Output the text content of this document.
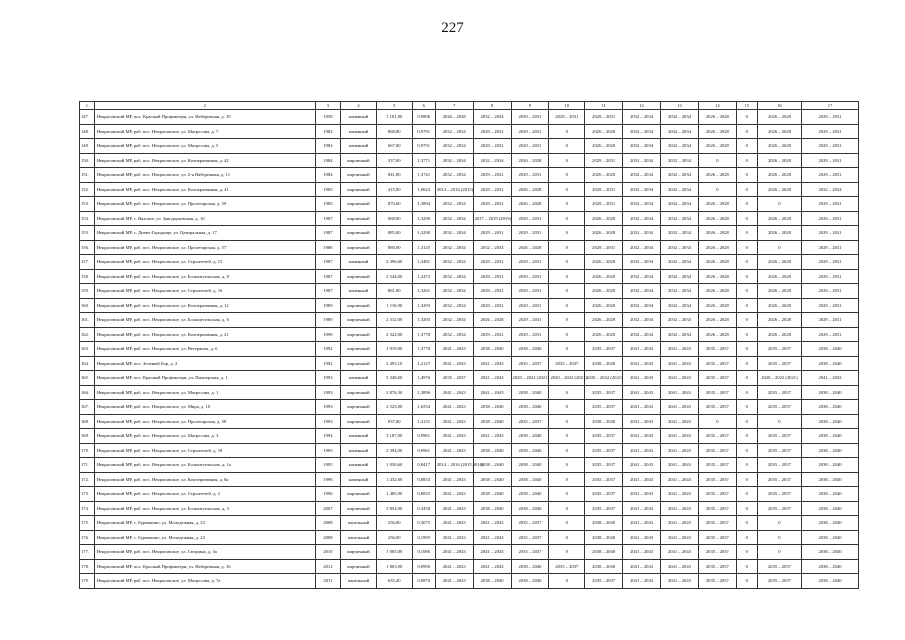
227
1	2	3	4	5	6	7	8	9	10	11	12	13	14	15	16	17
147.	Некрасовский МР, пос. Красный Профинтерн, ул. Набережная, д. 10	1958	каменный	1 181,80	0,9806	2026 – 2028	2032 – 2034	2029 – 2031	2029 – 2031	2029 – 2031	2032 – 2034	2032 – 2034	2026 – 2028	0	2026 – 2028	2029 – 2031
148.	Некрасовский МР, раб. пос. Некрасовское, ул. Матросова, д. 7	1984	каменный	868,80	0,9791	2032 – 2034	2029 – 2031	2029 – 2031	0	2026 – 2028	2032 – 2034	2032 – 2034	2026 – 2028	0	2026 – 2028	2029 – 2031
149.	Некрасовский МР, раб. пос. Некрасовское, ул. Матросова, д. 5	1984	каменный	667,00	0,9791	2032 – 2034	2029 – 2031	2029 – 2031	0	2026 – 2028	2032 – 2034	2032 – 2034	2026 – 2028	0	2026 – 2028	2029 – 2031
150.	Некрасовский МР, раб. пос. Некрасовское, ул. Кооперативная, д. 42	1984	кирпичный	337,00	1,3771	2032 – 2034	2032 – 2034	2026 – 2028	0	2029 – 2031	2032 – 2034	2032 – 2034	0	0	2026 – 2028	2029 – 2031
151.	Некрасовский МР, раб. пос. Некрасовское, ул. 2-я Набережная, д. 11	1984	кирпичный	841,80	1,3741	2032 – 2034	2029 – 2031	2029 – 2031	0	2026 – 2028	2032 – 2034	2032 – 2034	2026 – 2028	0	2026 – 2028	2029 – 2031
152.	Некрасовский МР, раб. пос. Некрасовское, ул. Кооперативная, д. 41	1985	кирпичный	415,00	1,0623	2014 – 2016 (2015)	2029 – 2031	2026 – 2028	0	2029 – 2031	2032 – 2034	2032 – 2034	0	0	2026 – 2028	2032 – 2034
153.	Некрасовский МР, раб. пос. Некрасовское, ул. Пролетарская, д. 59	1985	кирпичный	870,60	1,3894	2032 – 2034	2029 – 2031	2026 – 2028	0	2029 – 2031	2032 – 2034	2032 – 2034	2026 – 2028	0	0	2029 – 2031
154.	Некрасовский МР, с. Вятское, ул. Заводоуковская, д. 10	1987	кирпичный	968,00	1,3290	2032 – 2034	2017 – 2019 (2019)	2029 – 2031	0	2026 – 2028	2032 – 2034	2032 – 2034	2026 – 2028	0	2026 – 2028	2029 – 2031
155.	Некрасовский МР, с. Диево-Городище, ул. Центральная, д. 17	1987	кирпичный	885,00	1,3290	2032 – 2034	2029 – 2031	2029 – 2031	0	2026 – 2028	2032 – 2034	2032 – 2034	2026 – 2028	0	2026 – 2028	2029 – 2031
156.	Некрасовский МР, раб. пос. Некрасовское, ул. Пролетарская, д. 57	1986	кирпичный	889,00	1,3125	2032 – 2034	2032 – 2034	2026 – 2028	0	2029 – 2031	2032 – 2034	2032 – 2034	2026 – 2028	0	0	2029 – 2031
157.	Некрасовский МР, раб. пос. Некрасовское, ул. Строителей, д. 15	1987	каменный	2 396,60	1,3481	2032 – 2034	2029 – 2031	2029 – 2031	0	2026 – 2028	2032 – 2034	2032 – 2034	2026 – 2028	0	2026 – 2028	2029 – 2031
158.	Некрасовский МР, раб. пос. Некрасовское, ул. Большесельская, д. 8	1987	кирпичный	2 544,00	1,2472	2032 – 2034	2029 – 2031	2029 – 2031	0	2026 – 2028	2032 – 2034	2032 – 2034	2026 – 2028	0	2026 – 2028	2029 – 2031
159.	Некрасовский МР, раб. пос. Некрасовское, ул. Строителей, д. 16	1987	каменный	861,00	1,3261	2032 – 2034	2029 – 2031	2029 – 2031	0	2026 – 2028	2032 – 2034	2032 – 2034	2026 – 2028	0	2026 – 2028	2029 – 2031
160.	Некрасовский МР, раб. пос. Некрасовское, ул. Кооперативная, д. 12	1989	кирпичный	1 116,90	1,3293	2032 – 2034	2029 – 2031	2029 – 2031	0	2026 – 2028	2032 – 2034	2032 – 2034	2026 – 2028	0	2026 – 2028	2029 – 2031
161.	Некрасовский МР, раб. пос. Некрасовское, ул. Большесельская, д. 6	1989	кирпичный	2 312,00	1,3293	2032 – 2034	2026 – 2028	2029 – 2031	0	2026 – 2028	2032 – 2034	2032 – 2034	2026 – 2028	0	2026 – 2028	2029 – 2031
162.	Некрасовский МР, раб. пос. Некрасовское, ул. Кооперативная, д. 21	1990	кирпичный	2 322,00	1,3778	2032 – 2034	2029 – 2031	2029 – 2031	0	2026 – 2028	2032 – 2034	2032 – 2034	2026 – 2028	0	2026 – 2028	2029 – 2031
163.	Некрасовский МР, раб. пос. Некрасовское, ул. Ветеранов, д. 6	1992	кирпичный	1 919,00	1,3778	2041 – 2043	2038 – 2040	2038 – 2040	0	2035 – 2037	2041 – 2043	2041 – 2043	2035 – 2037	0	2035 – 2037	2038 – 2040
164.	Некрасовский МР, пос. Зеленый Бор, д. 2	1992	кирпичный	2 493,10	1,2127	2041 – 2043	2041 – 2043	2035 – 2037	2035 – 2037	2038 – 2040	2041 – 2043	2041 – 2043	2035 – 2037	0	2035 – 2037	2038 – 2040
165.	Некрасовский МР, пос. Красный Профинтерн, ул. Пионерская, д. 1	1993	каменный	5 348,00	1,4976	2035 – 2037	2041 – 2043	2020 – 2022 (2021)	2020 – 2022 (2021)	2020 – 2022 (2021)	2041 – 2043	2041 – 2043	2035 – 2037	0	2020 – 2022 (2021)	2041 – 2043
166.	Некрасовский МР, раб. пос. Некрасовское, ул. Матросова, д. 1	1993	кирпичный	2 876,30	1,3896	2041 – 2043	2041 – 2043	2038 – 2040	0	2035 – 2037	2041 – 2043	2041 – 2043	2035 – 2037	0	2035 – 2037	2038 – 2040
167.	Некрасовский МР, раб. пос. Некрасовское, ул. Мира, д. 10	1993	кирпичный	2 523,00	1,6554	2041 – 2043	2038 – 2040	2038 – 2040	0	2035 – 2037	2041 – 2043	2041 – 2043	2035 – 2037	0	2035 – 2037	2038 – 2040
168.	Некрасовский МР, раб. пос. Некрасовское, ул. Пролетарская, д. 58	1993	кирпичный	837,00	1,4131	2041 – 2043	2038 – 2040	2035 – 2037	0	2038 – 2040	2041 – 2043	2041 – 2043	0	0	0	2038 – 2040
169.	Некрасовский МР, раб. пос. Некрасовское, ул. Матросова, д. 3	1994	каменный	3 187,00	0,9961	2041 – 2043	2041 – 2043	2038 – 2040	0	2035 – 2037	2041 – 2043	2041 – 2043	2035 – 2037	0	2035 – 2037	2038 – 2040
170.	Некрасовский МР, раб. пос. Некрасовское, ул. Строителей, д. 18	1995	каменный	2 394,00	0,9961	2041 – 2043	2038 – 2040	2038 – 2040	0	2035 – 2037	2041 – 2043	2041 – 2043	2035 – 2037	0	2035 – 2037	2038 – 2040
171.	Некрасовский МР, раб. пос. Некрасовское, ул. Большесельская, д. 1а	1995	каменный	1 930,60	0,8417	2014 – 2016 (2015,2016)	2038 – 2040	2038 – 2040	0	2035 – 2037	2041 – 2043	2041 – 2043	2035 – 2037	0	2035 – 2037	2038 – 2040
172.	Некрасовский МР, раб. пос. Некрасовское, ул. Кооперативная, д. 8а	1996	каменный	1 432,60	0,8833	2041 – 2043	2038 – 2040	2038 – 2040	0	2035 – 2037	2041 – 2043	2041 – 2043	2035 – 2037	0	2035 – 2037	2038 – 2040
173.	Некрасовский МР, раб. пос. Некрасовское, ул. Строителей, д. 2	1996	кирпичный	1 485,90	0,8833	2041 – 2043	2038 – 2040	2038 – 2040	0	2035 – 2037	2041 – 2043	2041 – 2043	2035 – 2037	0	2035 – 2037	2038 – 2040
174.	Некрасовский МР, раб. пос. Некрасовское, ул. Большесельская, д. 3	2007	кирпичный	3 854,00	0,3458	2041 – 2043	2038 – 2040	2038 – 2040	0	2035 – 2037	2041 – 2043	2041 – 2043	2035 – 2037	0	2035 – 2037	2038 – 2040
175.	Некрасовский МР, с. Бурмакино, ул. Молодежная, д. 23	2008	панельный	256,00	0,3075	2041 – 2043	2041 – 2043	2035 – 2037	0	2038 – 2040	2041 – 2043	2041 – 2043	2035 – 2037	0	0	2038 – 2040
176.	Некрасовский МР, с. Бурмакино, ул. Молодежная, д. 22	2008	панельный	256,00	0,1895	2041 – 2043	2041 – 2043	2035 – 2037	0	2038 – 2040	2041 – 2043	2041 – 2043	2035 – 2037	0	0	2038 – 2040
177.	Некрасовский МР, раб. пос. Некрасовское, ул. Гагарина, д. 3а	2010	кирпичный	1 083,00	0,1086	2041 – 2043	2041 – 2043	2035 – 2037	0	2038 – 2040	2041 – 2043	2041 – 2043	2035 – 2037	0	0	2038 – 2040
178.	Некрасовский МР, пос. Красный Профинтерн, ул. Набережная, д. 16	2012	кирпичный	1 803,00	0,0990	2041 – 2043	2041 – 2043	2038 – 2040	2035 – 2037	2038 – 2040	2041 – 2043	2041 – 2043	2035 – 2037	0	2035 – 2037	2038 – 2040
179.	Некрасовский МР, раб. пос. Некрасовское, ул. Матросова, д. 7а	2011	панельный	635,40	0,0876	2041 – 2043	2038 – 2040	2038 – 2040	0	2035 – 2037	2041 – 2043	2041 – 2043	2035 – 2037	0	2035 – 2037	2038 – 2040
